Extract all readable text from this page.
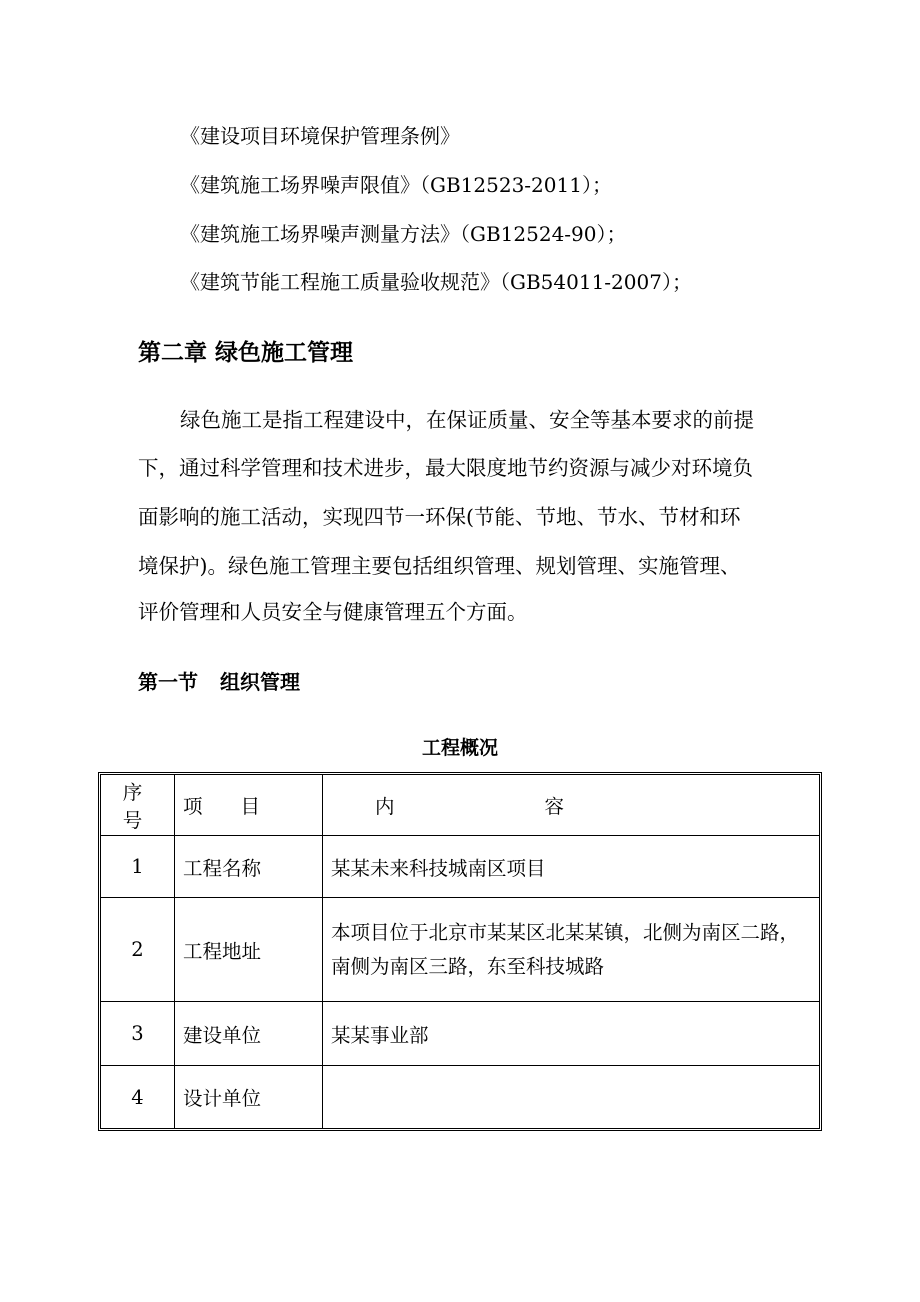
《建设项目环境保护管理条例》

《建筑施工场界噪声限值》（GB12523-2011）；

《建筑施工场界噪声测量方法》（GB12524-90）；

《建筑节能工程施工质量验收规范》（GB54011-2007）；

第二章 绿色施工管理

绿色施工是指工程建设中，在保证质量、安全等基本要求的前提

下，通过科学管理和技术进步，最大限度地节约资源与减少对环境负

面影响的施工活动，实现四节一环保(节能、节地、节水、节材和环

境保护)。绿色施工管理主要包括组织管理、规划管理、实施管理、

评价管理和人员安全与健康管理五个方面。

第一节 组织管理
工程概况
序号	项目	内容
1	工程名称	某某未来科技城南区项目
2	工程地址	本项目位于北京市某某区北某某镇，北侧为南区二路，南侧为南区三路，东至科技城路
3	建设单位	某某事业部
4	设计单位	
